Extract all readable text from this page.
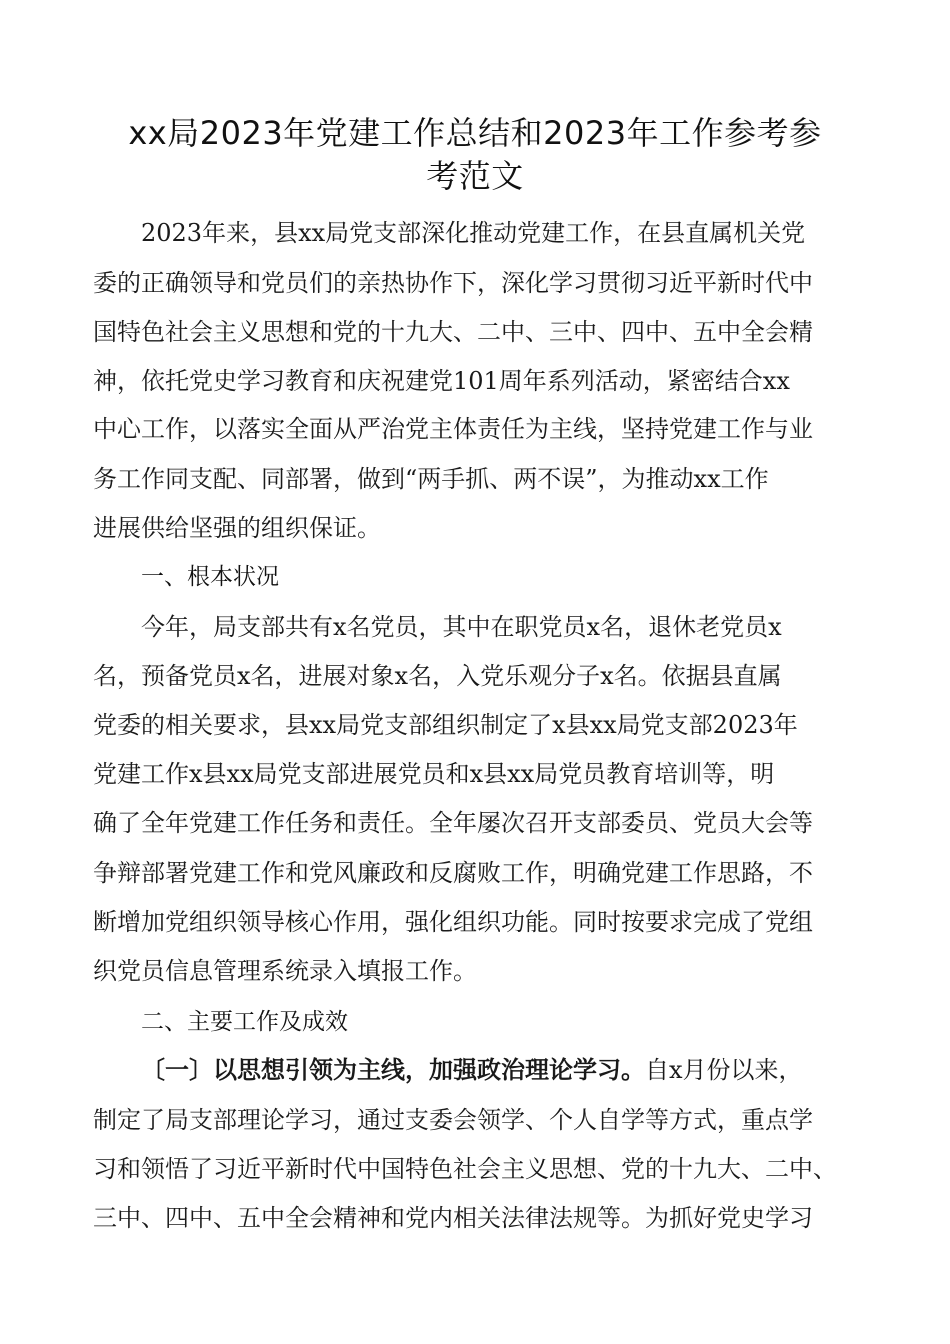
xx局2023年党建工作总结和2023年工作参考参
考范文
2023年来，县xx局党支部深化推动党建工作，在县直属机关党
委的正确领导和党员们的亲热协作下，深化学习贯彻习近平新时代中
国特色社会主义思想和党的十九大、二中、三中、四中、五中全会精
神，依托党史学习教育和庆祝建党101周年系列活动，紧密结合xx
中心工作，以落实全面从严治党主体责任为主线，坚持党建工作与业
务工作同支配、同部署，做到“两手抓、两不误”，为推动xx工作
进展供给坚强的组织保证。
一、根本状况
今年，局支部共有x名党员，其中在职党员x名，退休老党员x
名，预备党员x名，进展对象x名，入党乐观分子x名。依据县直属
党委的相关要求，县xx局党支部组织制定了x县xx局党支部2023年
党建工作x县xx局党支部进展党员和x县xx局党员教育培训等，明
确了全年党建工作任务和责任。全年屡次召开支部委员、党员大会等
争辩部署党建工作和党风廉政和反腐败工作，明确党建工作思路，不
断增加党组织领导核心作用，强化组织功能。同时按要求完成了党组
织党员信息管理系统录入填报工作。
二、主要工作及成效
〔一〕以思想引领为主线，加强政治理论学习。自x月份以来，
制定了局支部理论学习，通过支委会领学、个人自学等方式，重点学
习和领悟了习近平新时代中国特色社会主义思想、党的十九大、二中、
三中、四中、五中全会精神和党内相关法律法规等。为抓好党史学习
